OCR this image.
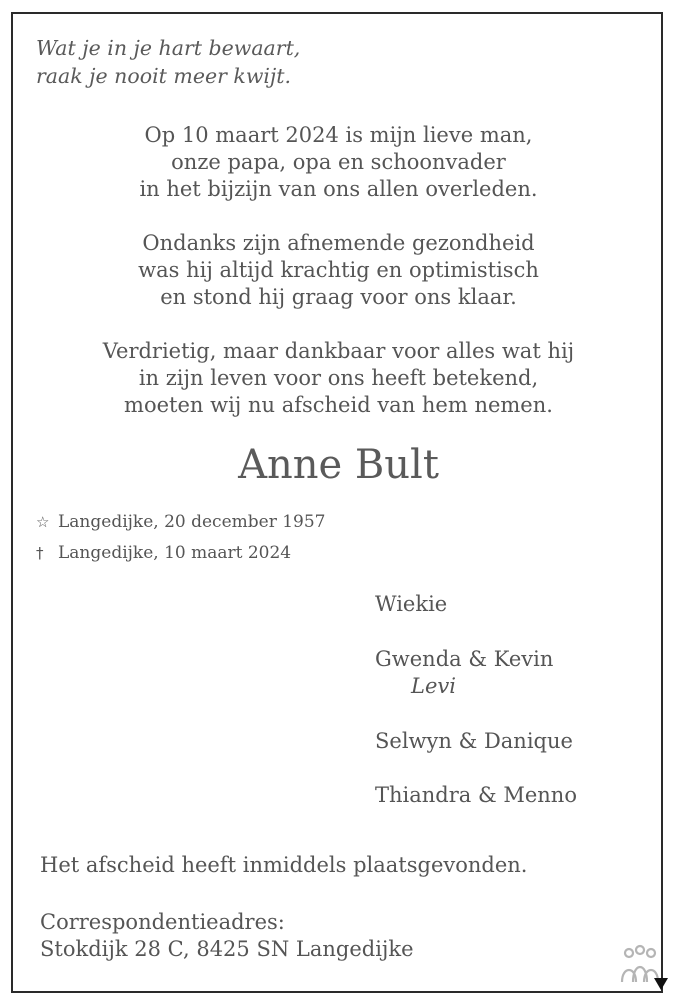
Wat je in je hart bewaart,
raak je nooit meer kwijt.
Op 10 maart 2024 is mijn lieve man,
onze papa, opa en schoonvader
in het bijzijn van ons allen overleden.
Ondanks zijn afnemende gezondheid
was hij altijd krachtig en optimistisch
en stond hij graag voor ons klaar.
Verdrietig, maar dankbaar voor alles wat hij
in zijn leven voor ons heeft betekend,
moeten wij nu afscheid van hem nemen.
Anne Bult
☆ Langedijke, 20 december 1957
† Langedijke, 10 maart 2024
Wiekie
Gwenda & Kevin
Levi
Selwyn & Danique
Thiandra & Menno
Het afscheid heeft inmiddels plaatsgevonden.
Correspondentieadres:
Stokdijk 28 C, 8425 SN Langedijke
